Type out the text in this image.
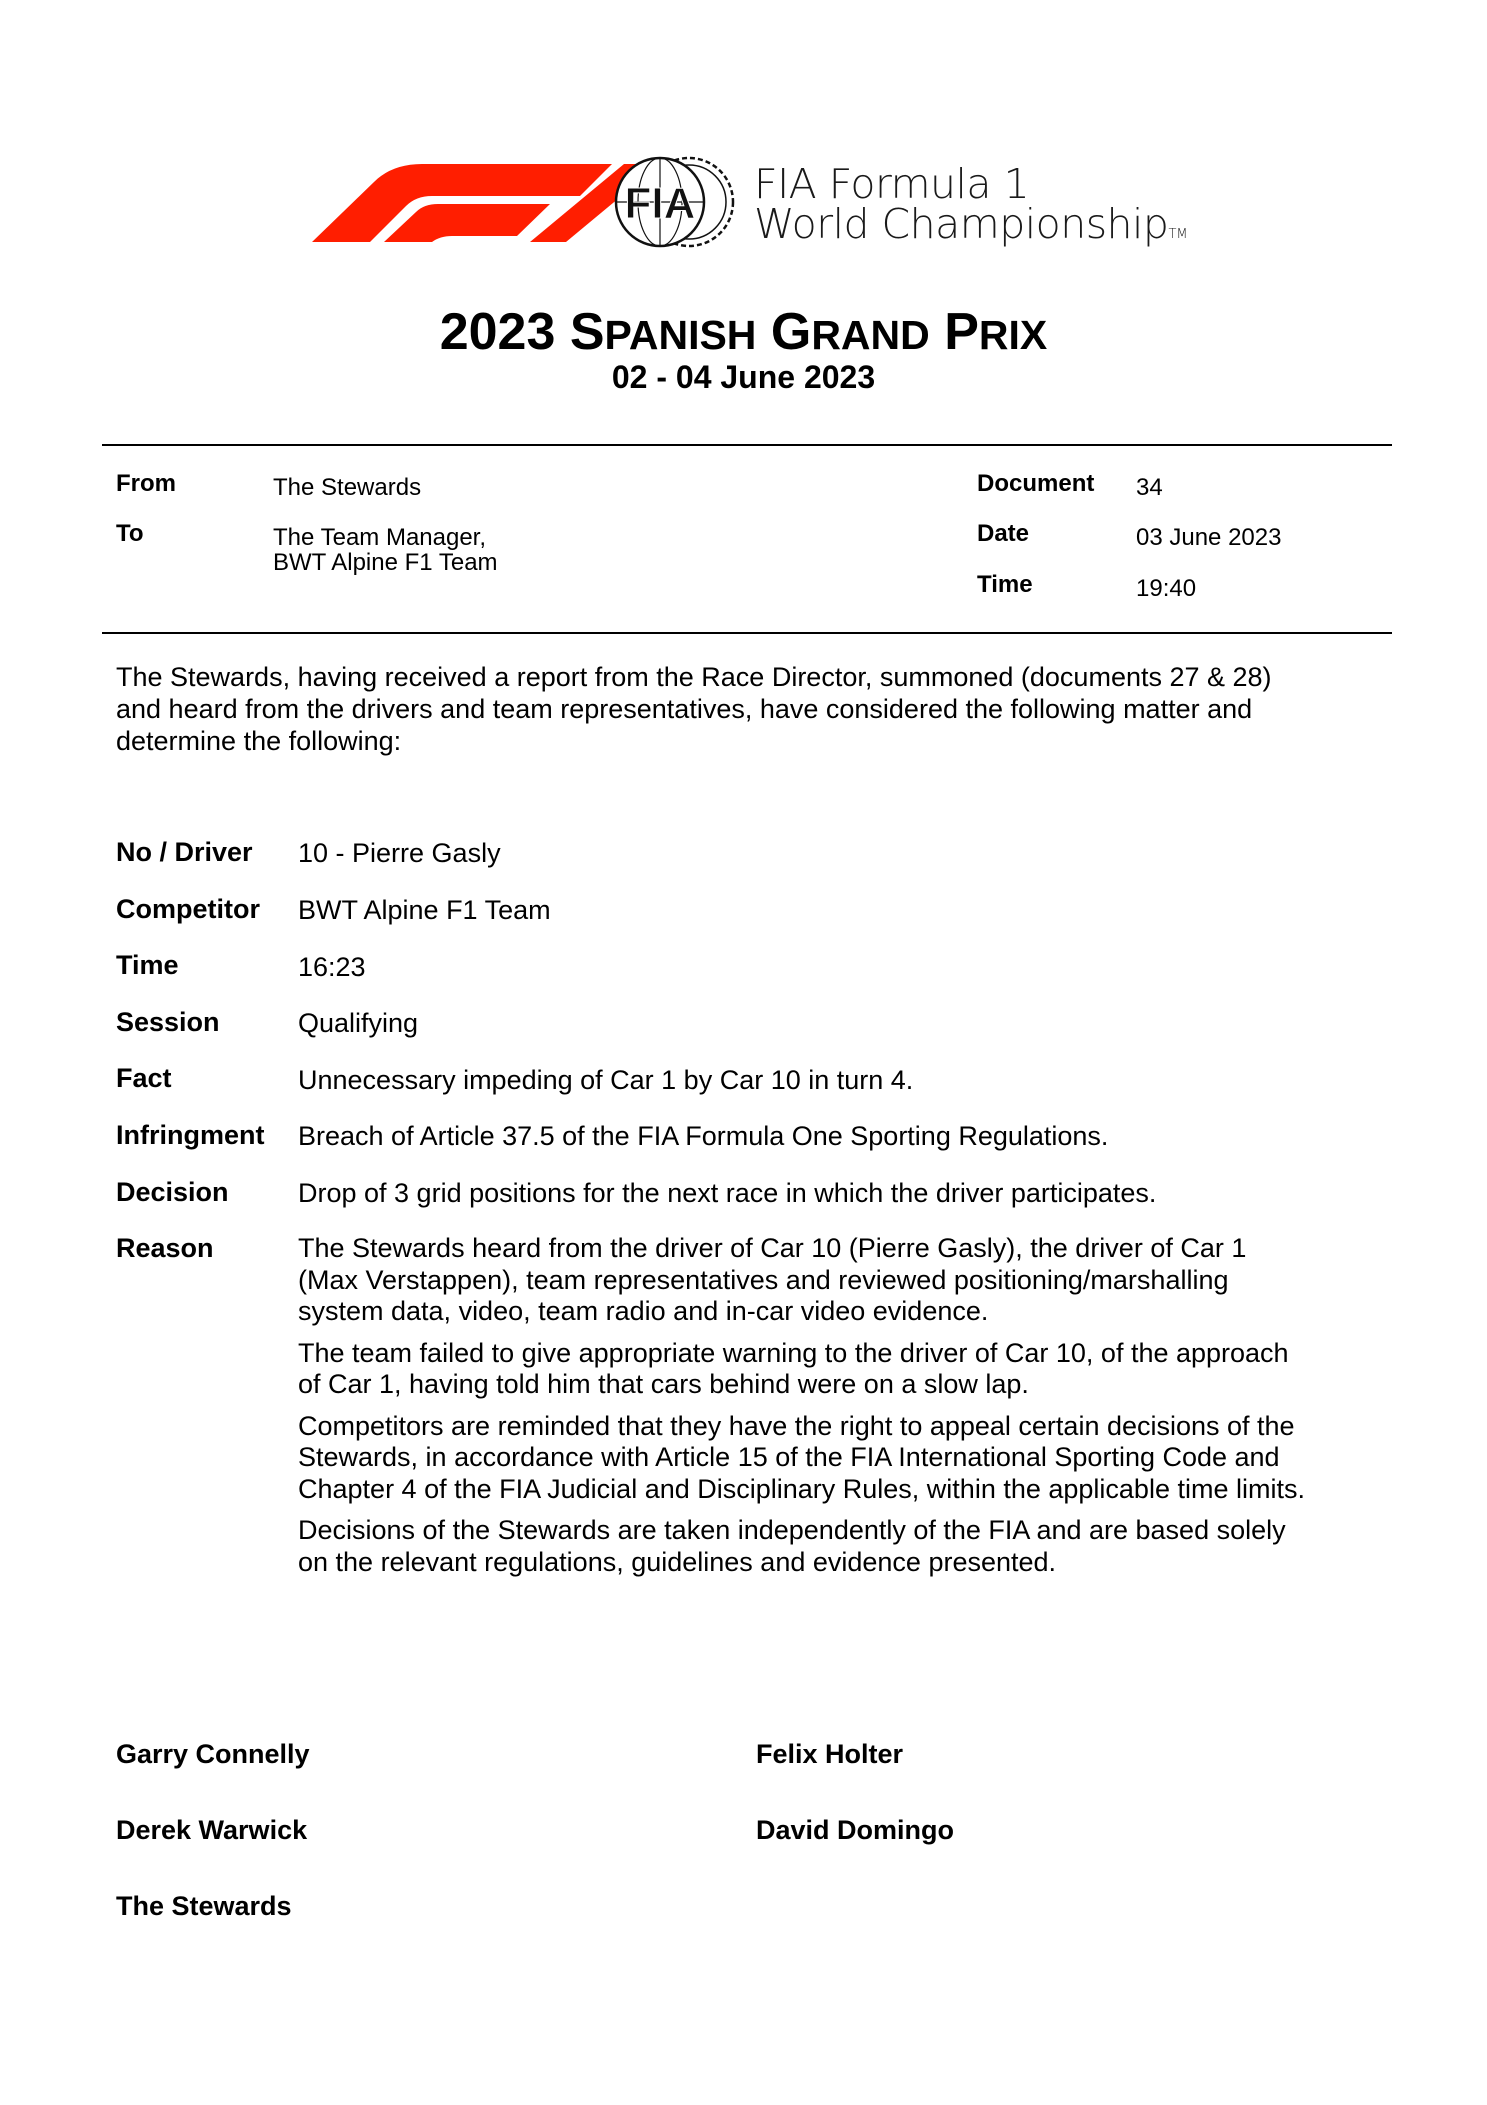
FIA FIA Formula 1
World ChampionshipTM
2023 SPANISH GRAND PRIX
02 - 04 June 2023
From	The Stewards
To	The Team Manager,
BWT Alpine F1 Team
Document 34
Date	03 June 2023
Time	19:40
The Stewards, having received a report from the Race Director, summoned (documents 27 & 28)
and heard from the drivers and team representatives, have considered the following matter and
determine the following:
No / Driver 10 - Pierre Gasly
Competitor BWT Alpine F1 Team
Time	16:23
Session	Qualifying
Fact	Unnecessary impeding of Car 1 by Car 10 in turn 4.
Infringment Breach of Article 37.5 of the FIA Formula One Sporting Regulations.
Decision	Drop of 3 grid positions for the next race in which the driver participates.
Reason	The Stewards heard from the driver of Car 10 (Pierre Gasly), the driver of Car 1
(Max Verstappen), team representatives and reviewed positioning/marshalling
system data, video, team radio and in-car video evidence.

The team failed to give appropriate warning to the driver of Car 10, of the approach
of Car 1, having told him that cars behind were on a slow lap.

Competitors are reminded that they have the right to appeal certain decisions of the
Stewards, in accordance with Article 15 of the FIA International Sporting Code and
Chapter 4 of the FIA Judicial and Disciplinary Rules, within the applicable time limits.

Decisions of the Stewards are taken independently of the FIA and are based solely
on the relevant regulations, guidelines and evidence presented.

Garry Connelly	Felix Holter
Derek Warwick	David Domingo
The Stewards
